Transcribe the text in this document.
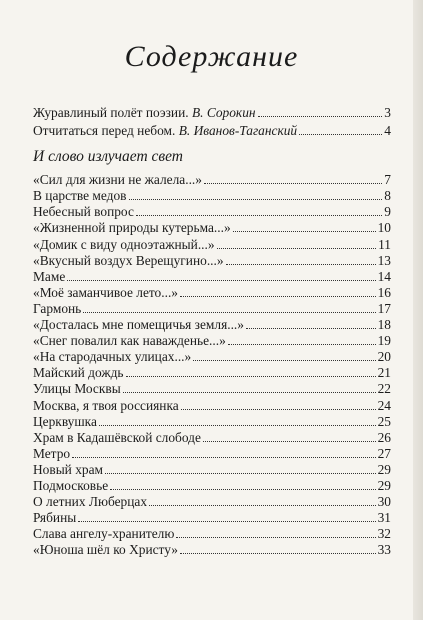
Содержание
Журавлиный полёт поэзии. В. Сорокин	3
Отчитаться перед небом. В. Иванов-Таганский	4
И слово излучает свет
«Сил для жизни не жалела...»	7
В царстве медов	8
Небесный вопрос	9
«Жизненной природы кутерьма...»	10
«Домик с виду одноэтажный...»	11
«Вкусный воздух Верещугино...»	13
Маме	14
«Моё заманчивое лето...»	16
Гармонь	17
«Досталась мне помещичья земля...»	18
«Снег повалил как наважденье...»	19
«На стародачных улицах...»	20
Майский дождь	21
Улицы Москвы	22
Москва, я твоя россиянка	24
Церквушка	25
Храм в Кадашёвской слободе	26
Метро	27
Новый храм	29
Подмосковье	29
О летних Люберцах	30
Рябины	31
Слава ангелу-хранителю	32
«Юноша шёл ко Христу»	33
